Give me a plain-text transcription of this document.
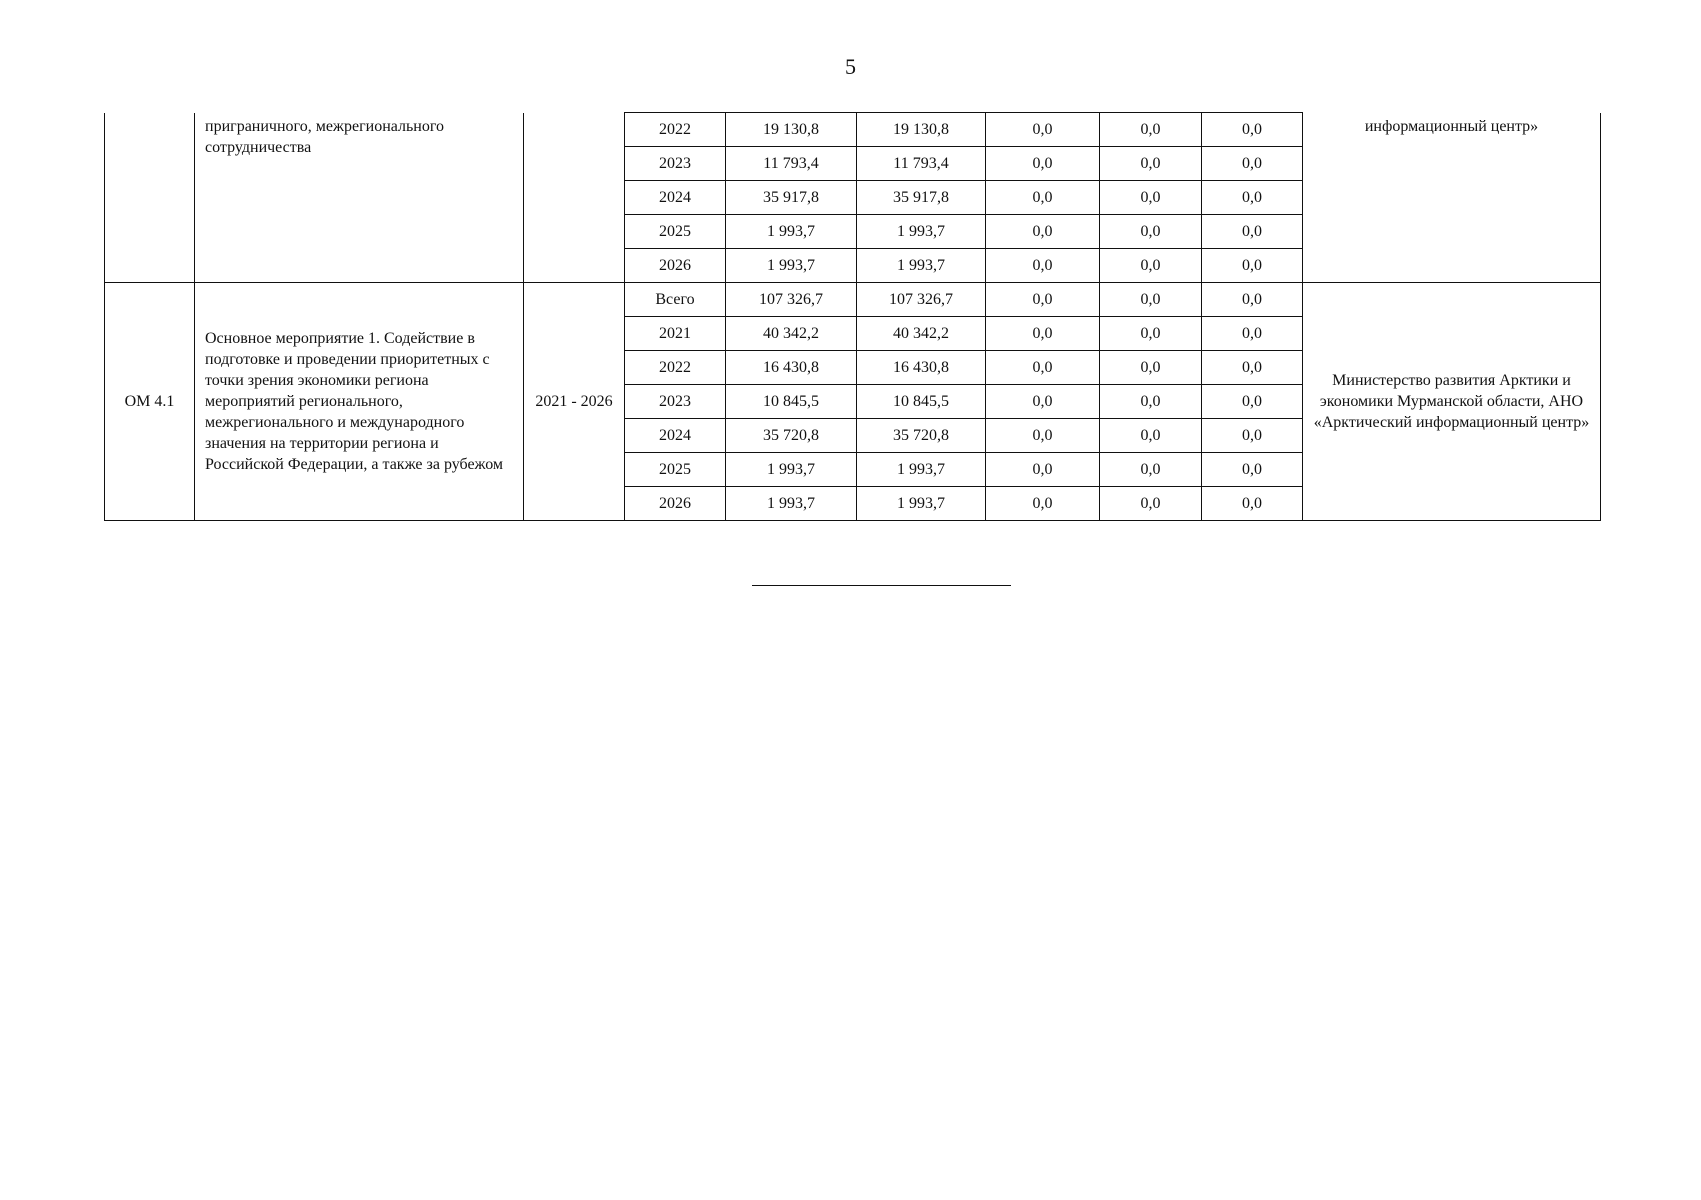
5
	приграничного, межрегионального сотрудничества		2022	19 130,8	19 130,8	0,0	0,0	0,0	информационный центр»
			2023	11 793,4	11 793,4	0,0	0,0	0,0	
			2024	35 917,8	35 917,8	0,0	0,0	0,0	
			2025	1 993,7	1 993,7	0,0	0,0	0,0	
			2026	1 993,7	1 993,7	0,0	0,0	0,0	
ОМ 4.1	Основное мероприятие 1. Содействие в подготовке и проведении приоритетных с точки зрения экономики региона мероприятий регионального, межрегионального и международного значения на территории региона и Российской Федерации, а также за рубежом	2021 - 2026	Всего	107 326,7	107 326,7	0,0	0,0	0,0	Министерство развития Арктики и экономики Мурманской области, АНО «Арктический информационный центр»
			2021	40 342,2	40 342,2	0,0	0,0	0,0	
			2022	16 430,8	16 430,8	0,0	0,0	0,0	
			2023	10 845,5	10 845,5	0,0	0,0	0,0	
			2024	35 720,8	35 720,8	0,0	0,0	0,0	
			2025	1 993,7	1 993,7	0,0	0,0	0,0	
			2026	1 993,7	1 993,7	0,0	0,0	0,0	
